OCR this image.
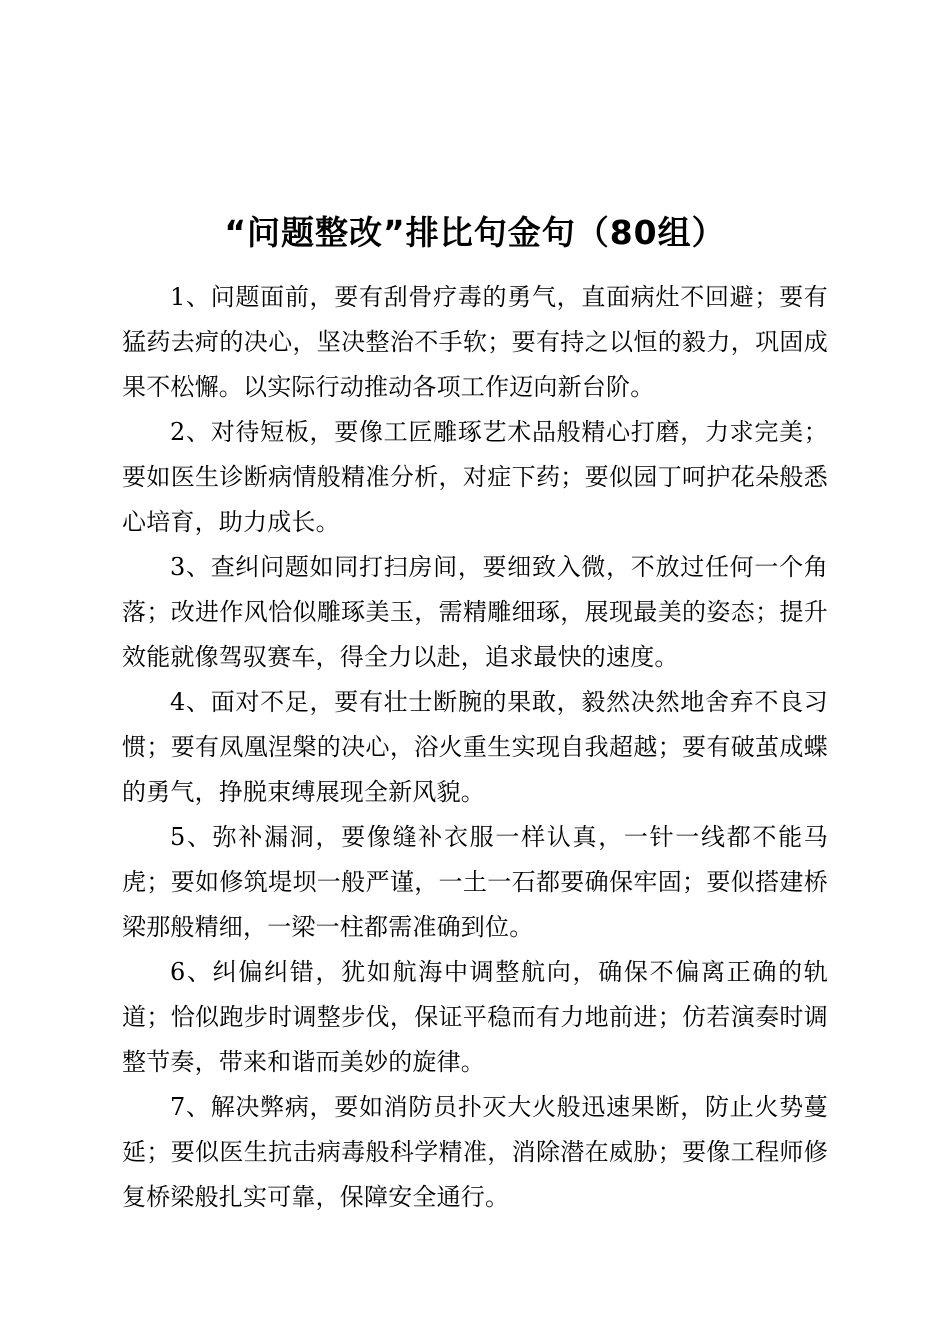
“问题整改”排比句金句（80组）

1、问题面前，要有刮骨疗毒的勇气，直面病灶不回避；要有猛药去疴的决心，坚决整治不手软；要有持之以恒的毅力，巩固成果不松懈。以实际行动推动各项工作迈向新台阶。

2、对待短板，要像工匠雕琢艺术品般精心打磨，力求完美；要如医生诊断病情般精准分析，对症下药；要似园丁呵护花朵般悉心培育，助力成长。

3、查纠问题如同打扫房间，要细致入微，不放过任何一个角落；改进作风恰似雕琢美玉，需精雕细琢，展现最美的姿态；提升效能就像驾驭赛车，得全力以赴，追求最快的速度。

4、面对不足，要有壮士断腕的果敢，毅然决然地舍弃不良习惯；要有凤凰涅槃的决心，浴火重生实现自我超越；要有破茧成蝶的勇气，挣脱束缚展现全新风貌。

5、弥补漏洞，要像缝补衣服一样认真，一针一线都不能马虎；要如修筑堤坝一般严谨，一土一石都要确保牢固；要似搭建桥梁那般精细，一梁一柱都需准确到位。

6、纠偏纠错，犹如航海中调整航向，确保不偏离正确的轨道；恰似跑步时调整步伐，保证平稳而有力地前进；仿若演奏时调整节奏，带来和谐而美妙的旋律。

7、解决弊病，要如消防员扑灭大火般迅速果断，防止火势蔓延；要似医生抗击病毒般科学精准，消除潜在威胁；要像工程师修复桥梁般扎实可靠，保障安全通行。
